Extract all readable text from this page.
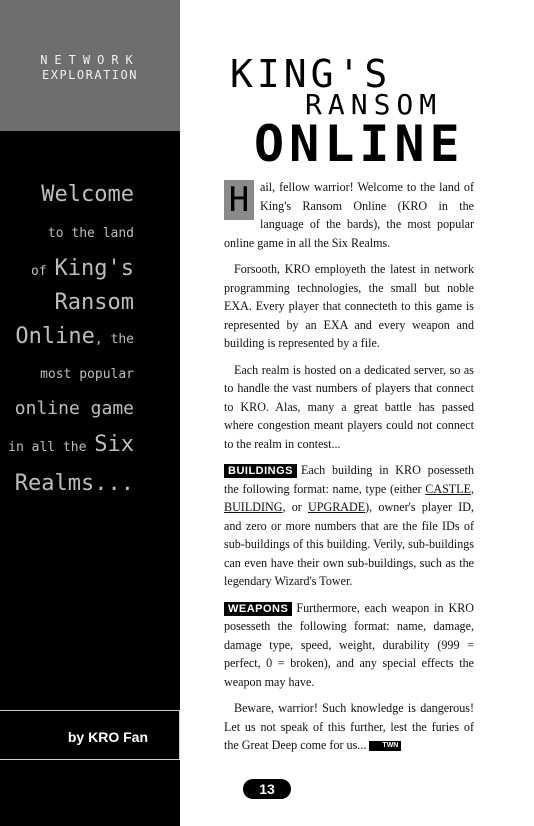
NETWORK
EXPLORATION
Welcome
to the land
of King's
Ransom
Online, the
most popular
online game
in all the Six
Realms...
by KRO Fan
KING'S
RANSOM
ONLINE

H ail, fellow warrior! Welcome to the land of King's Ransom Online (KRO in the language of the bards), the most popular online game in all the Six Realms.

Forsooth, KRO employeth the latest in network programming technologies, the small but noble EXA. Every player that connecteth to this game is represented by an EXA and every weapon and building is represented by a file.

Each realm is hosted on a dedicated server, so as to handle the vast numbers of players that connect to KRO. Alas, many a great battle has passed where congestion meant players could not connect to the realm in contest...

BUILDINGS Each building in KRO posesseth the following format: name, type (either CASTLE, BUILDING, or UPGRADE), owner's player ID, and zero or more numbers that are the file IDs of sub-buildings of this building. Verily, sub-buildings can even have their own sub-buildings, such as the legendary Wizard's Tower.

WEAPONS Furthermore, each weapon in KRO posesseth the following format: name, damage, damage type, speed, weight, durability (999 = perfect, 0 = broken), and any special effects the weapon may have.

Beware, warrior! Such knowledge is dangerous! Let us not speak of this further, lest the furies of the Great Deep come for us... TWN

13
